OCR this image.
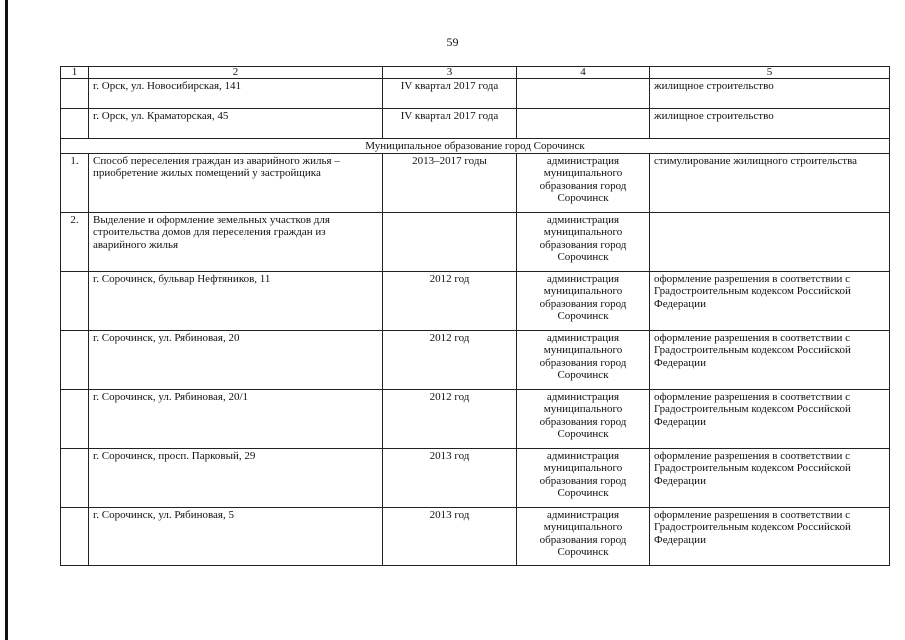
59
1	2	3	4	5
	г. Орск, ул. Новосибирская, 141	IV квартал 2017 года		жилищное строительство
	г. Орск, ул. Краматорская, 45	IV квартал 2017 года		жилищное строительство
Муниципальное образование город Сорочинск				
1.	Способ переселения граждан из аварийного жилья – приобретение жилых помещений у застройщика	2013–2017 годы	администрация муниципального образования город Сорочинск	стимулирование жилищного строительства
2.	Выделение и оформление земельных участков для строительства домов для переселения граждан из аварийного жилья		администрация муниципального образования город Сорочинск	
	г. Сорочинск, бульвар Нефтяников, 11	2012 год	администрация муниципального образования город Сорочинск	оформление разрешения в соответствии с Градостроительным кодексом Российской Федерации
	г. Сорочинск, ул. Рябиновая, 20	2012 год	администрация муниципального образования город Сорочинск	оформление разрешения в соответствии с Градостроительным кодексом Российской Федерации
	г. Сорочинск, ул. Рябиновая, 20/1	2012 год	администрация муниципального образования город Сорочинск	оформление разрешения в соответствии с Градостроительным кодексом Российской Федерации
	г. Сорочинск, просп. Парковый, 29	2013 год	администрация муниципального образования город Сорочинск	оформление разрешения в соответствии с Градостроительным кодексом Российской Федерации
	г. Сорочинск, ул. Рябиновая, 5	2013 год	администрация муниципального образования город Сорочинск	оформление разрешения в соответствии с Градостроительным кодексом Российской Федерации
